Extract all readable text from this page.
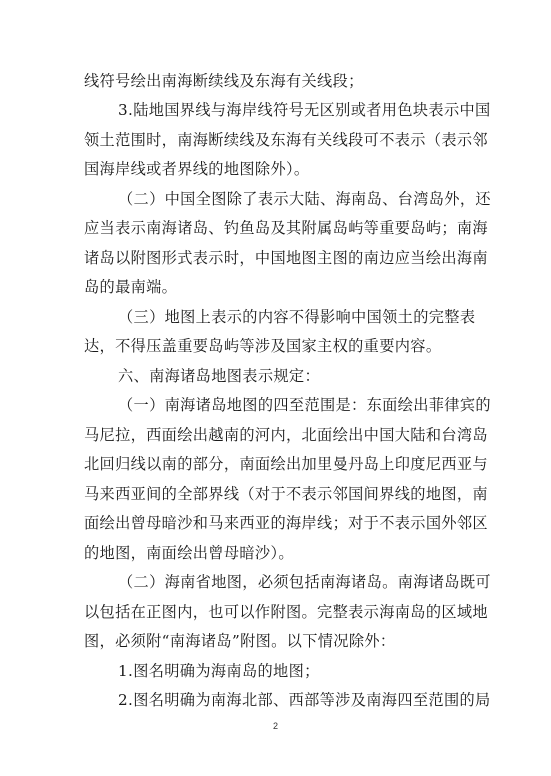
线符号绘出南海断续线及东海有关线段；
3.陆地国界线与海岸线符号无区别或者用色块表示中国
领土范围时，南海断续线及东海有关线段可不表示（表示邻
国海岸线或者界线的地图除外）。
（二）中国全图除了表示大陆、海南岛、台湾岛外，还
应当表示南海诸岛、钓鱼岛及其附属岛屿等重要岛屿；南海
诸岛以附图形式表示时，中国地图主图的南边应当绘出海南
岛的最南端。
（三）地图上表示的内容不得影响中国领土的完整表
达，不得压盖重要岛屿等涉及国家主权的重要内容。
六、南海诸岛地图表示规定：
（一）南海诸岛地图的四至范围是：东面绘出菲律宾的
马尼拉，西面绘出越南的河内，北面绘出中国大陆和台湾岛
北回归线以南的部分，南面绘出加里曼丹岛上印度尼西亚与
马来西亚间的全部界线（对于不表示邻国间界线的地图，南
面绘出曾母暗沙和马来西亚的海岸线；对于不表示国外邻区
的地图，南面绘出曾母暗沙）。
（二）海南省地图，必须包括南海诸岛。南海诸岛既可
以包括在正图内，也可以作附图。完整表示海南岛的区域地
图，必须附“南海诸岛”附图。以下情况除外：
1.图名明确为海南岛的地图；
2.图名明确为南海北部、西部等涉及南海四至范围的局
2
